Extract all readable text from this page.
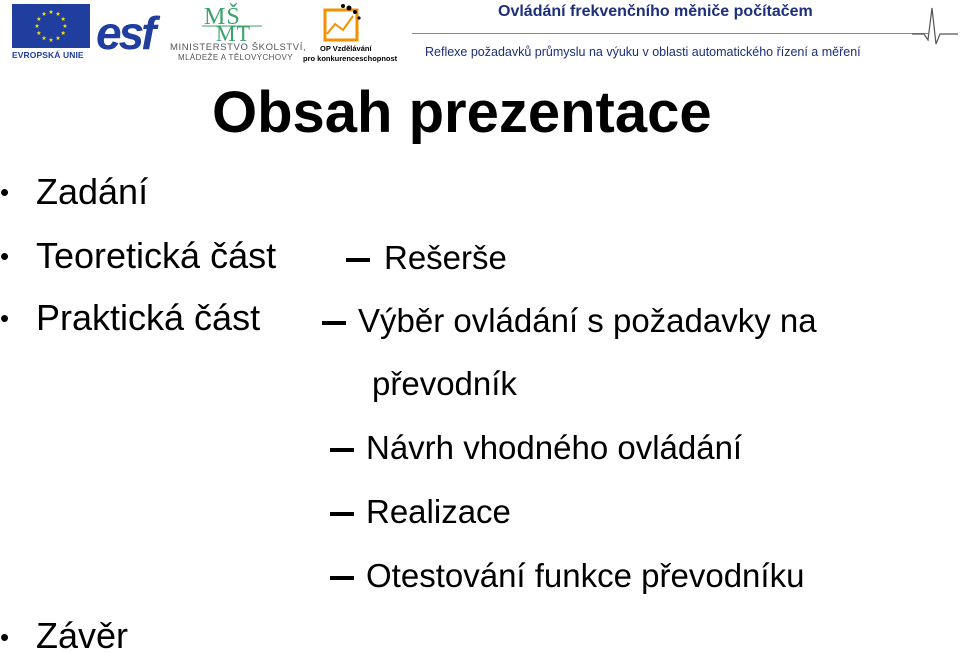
EVROPSKÁ UNIE esf MŠ
MT
MINISTERSTVO ŠKOLSTVÍ,
MLÁDEŽE A TĚLOVÝCHOVY
OP Vzdělávání
pro konkurenceschopnost
Ovládání frekvenčního měniče počítačem
Reflexe požadavků průmyslu na výuku v oblasti automatického řízení a měření
Obsah prezentace
• Zadání
• Teoretická část	Rešerše
• Praktická část	Výběr ovládání s požadavky na
převodník
Návrh vhodného ovládání
Realizace
Otestování funkce převodníku
• Závěr
